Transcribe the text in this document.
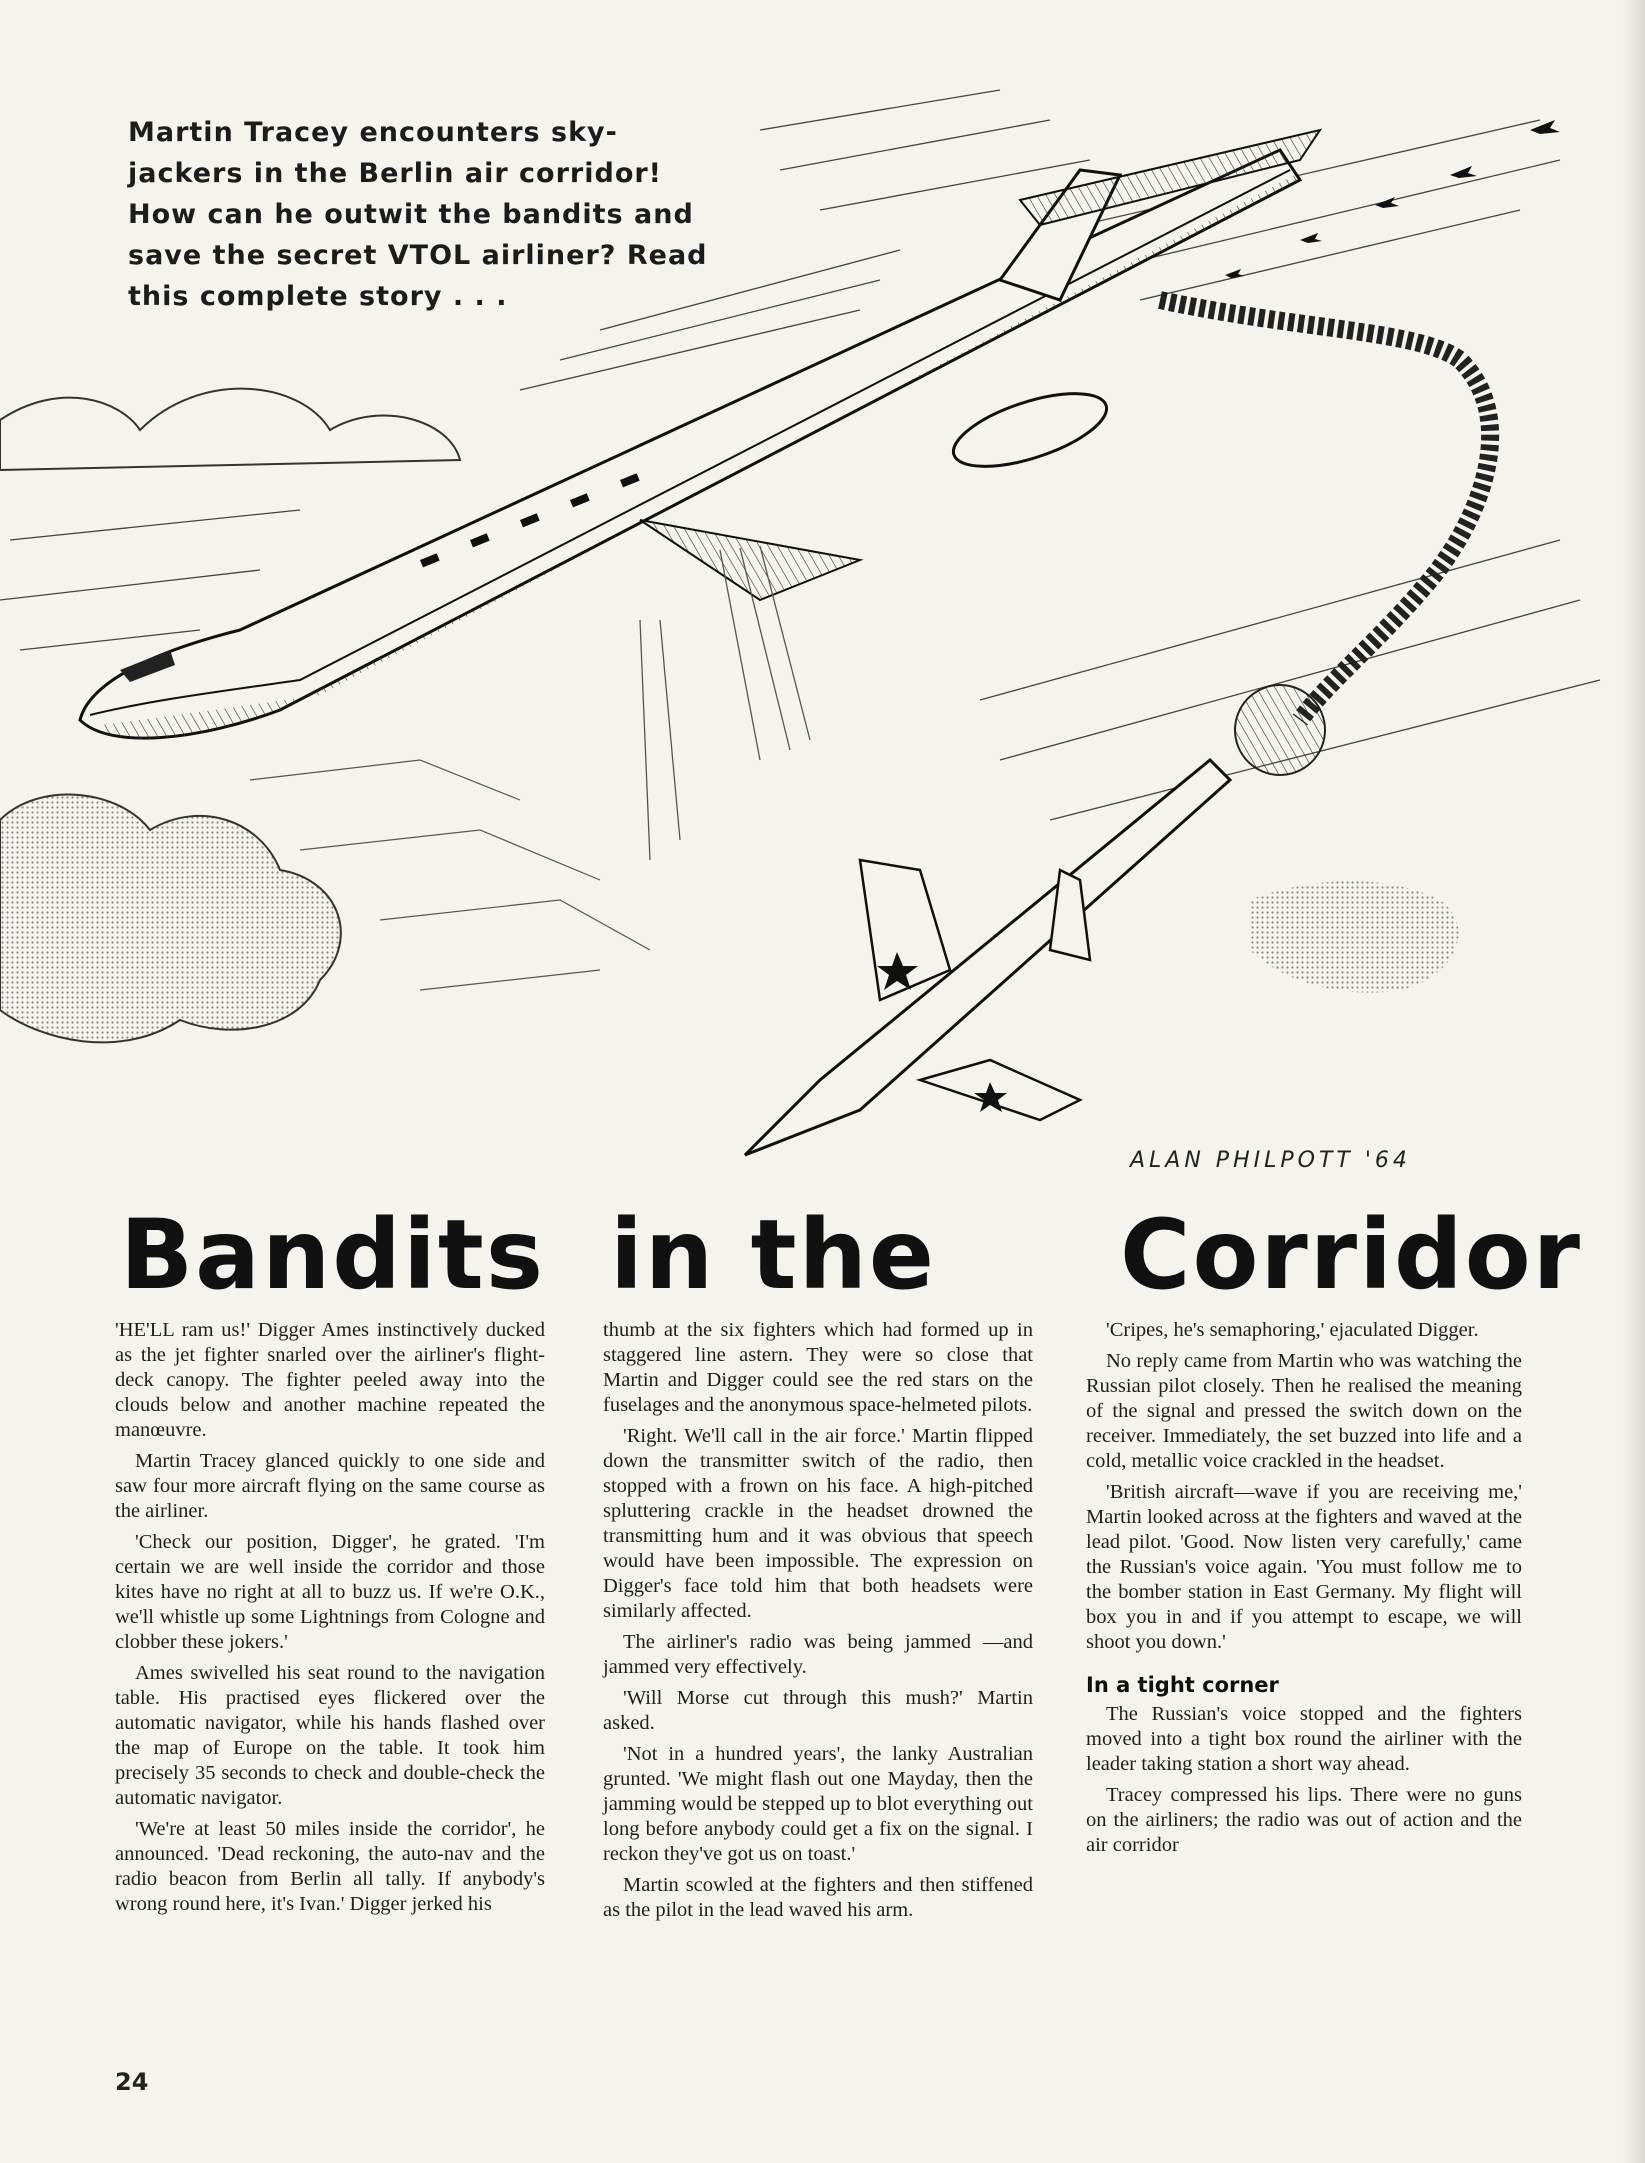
Martin Tracey encounters sky-jackers in the Berlin air corridor! How can he outwit the bandits and save the secret VTOL airliner? Read this complete story . . .
ALAN PHILPOTT '64
Bandits in the Corridor

'HE'LL ram us!' Digger Ames instinctively ducked as the jet fighter snarled over the airliner's flight-deck canopy. The fighter peeled away into the clouds below and another machine repeated the manœuvre.

Martin Tracey glanced quickly to one side and saw four more aircraft flying on the same course as the airliner.

'Check our position, Digger', he grated. 'I'm certain we are well inside the corridor and those kites have no right at all to buzz us. If we're O.K., we'll whistle up some Lightnings from Cologne and clobber these jokers.'

Ames swivelled his seat round to the navigation table. His practised eyes flickered over the automatic navigator, while his hands flashed over the map of Europe on the table. It took him precisely 35 seconds to check and double-check the automatic navigator.

'We're at least 50 miles inside the corridor', he announced. 'Dead reckoning, the auto-nav and the radio beacon from Berlin all tally. If anybody's wrong round here, it's Ivan.' Digger jerked his

thumb at the six fighters which had formed up in staggered line astern. They were so close that Martin and Digger could see the red stars on the fuselages and the anonymous space-helmeted pilots.

'Right. We'll call in the air force.' Martin flipped down the transmitter switch of the radio, then stopped with a frown on his face. A high-pitched spluttering crackle in the headset drowned the transmitting hum and it was obvious that speech would have been impossible. The expression on Digger's face told him that both headsets were similarly affected.

The airliner's radio was being jammed —and jammed very effectively.

'Will Morse cut through this mush?' Martin asked.

'Not in a hundred years', the lanky Australian grunted. 'We might flash out one Mayday, then the jamming would be stepped up to blot everything out long before anybody could get a fix on the signal. I reckon they've got us on toast.'

Martin scowled at the fighters and then stiffened as the pilot in the lead waved his arm.

'Cripes, he's semaphoring,' ejaculated Digger.

No reply came from Martin who was watching the Russian pilot closely. Then he realised the meaning of the signal and pressed the switch down on the receiver. Immediately, the set buzzed into life and a cold, metallic voice crackled in the headset.

'British aircraft—wave if you are receiving me,' Martin looked across at the fighters and waved at the lead pilot. 'Good. Now listen very carefully,' came the Russian's voice again. 'You must follow me to the bomber station in East Germany. My flight will box you in and if you attempt to escape, we will shoot you down.'

In a tight corner

The Russian's voice stopped and the fighters moved into a tight box round the airliner with the leader taking station a short way ahead.

Tracey compressed his lips. There were no guns on the airliners; the radio was out of action and the air corridor

24
